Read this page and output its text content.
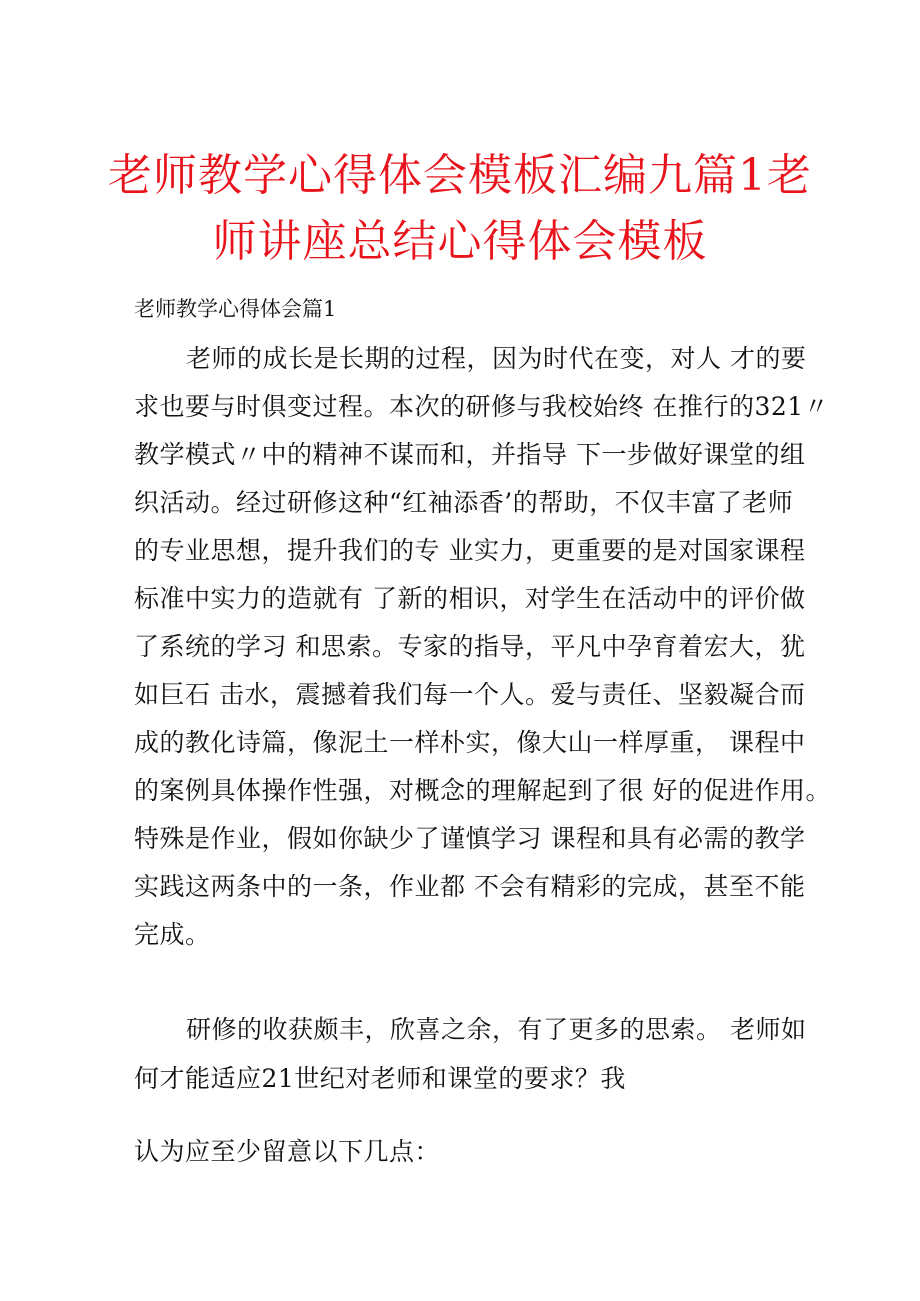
老师教学心得体会模板汇编九篇1老
师讲座总结心得体会模板
老师教学心得体会篇1
老师的成长是长期的过程，因为时代在变，对人 才的要
求也要与时俱变过程。本次的研修与我校始终 在推行的321〃
教学模式〃中的精神不谋而和，并指导 下一步做好课堂的组
织活动。经过研修这种“红袖添香’的帮助，不仅丰富了老师
的专业思想，提升我们的专 业实力，更重要的是对国家课程
标准中实力的造就有 了新的相识，对学生在活动中的评价做
了系统的学习 和思索。专家的指导，平凡中孕育着宏大，犹
如巨石 击水，震撼着我们每一个人。爱与责任、坚毅凝合而
成的教化诗篇，像泥土一样朴实，像大山一样厚重， 课程中
的案例具体操作性强，对概念的理解起到了很 好的促进作用。
特殊是作业，假如你缺少了谨慎学习 课程和具有必需的教学
实践这两条中的一条，作业都 不会有精彩的完成，甚至不能
完成。
研修的收获颇丰，欣喜之余，有了更多的思索。 老师如
何才能适应21世纪对老师和课堂的要求？我
认为应至少留意以下几点：
